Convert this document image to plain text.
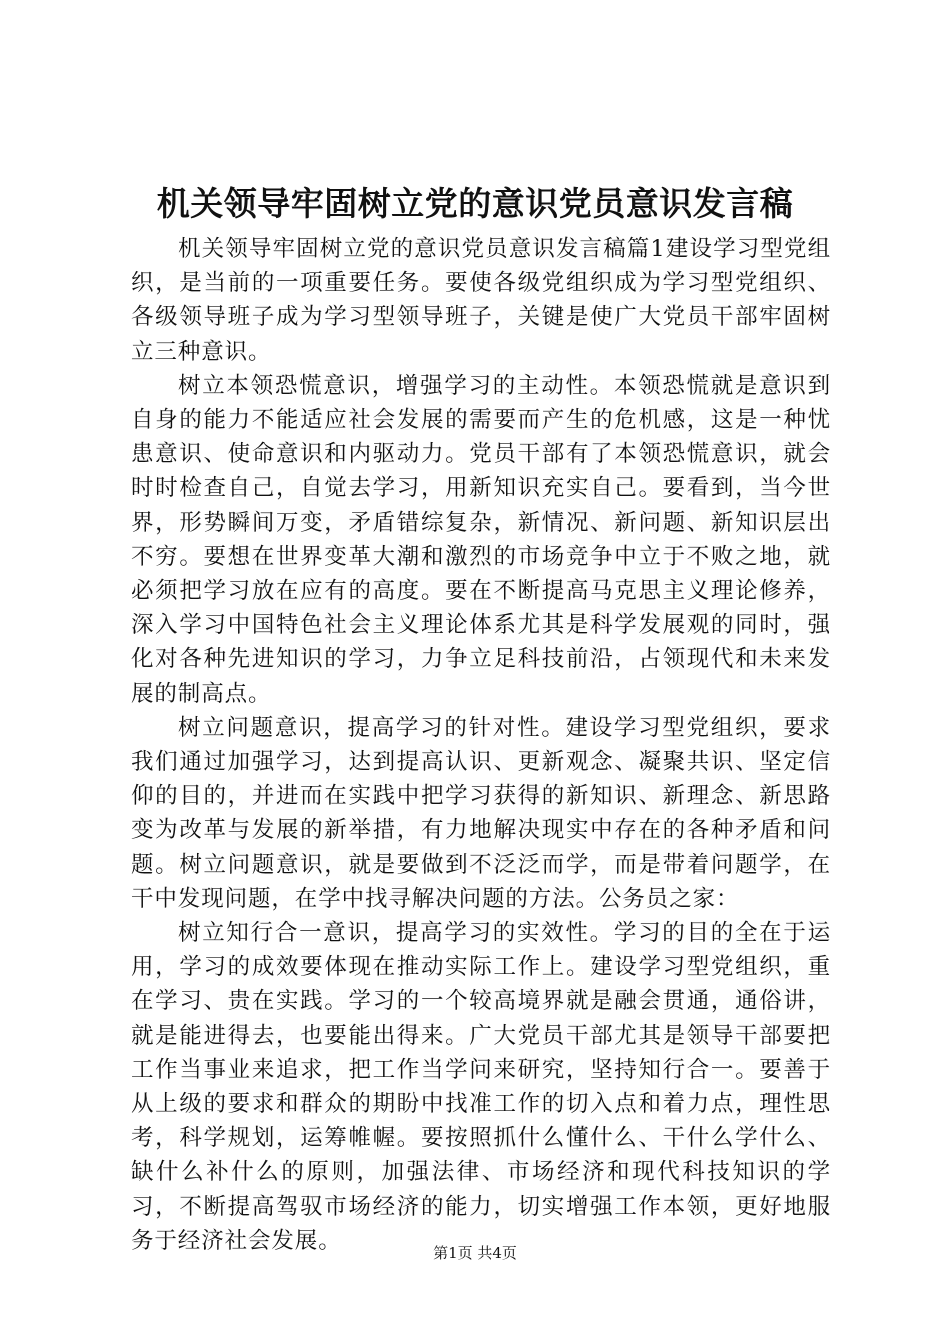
机关领导牢固树立党的意识党员意识发言稿

机关领导牢固树立党的意识党员意识发言稿篇1建设学习型党组织，是当前的一项重要任务。要使各级党组织成为学习型党组织、各级领导班子成为学习型领导班子，关键是使广大党员干部牢固树立三种意识。

树立本领恐慌意识，增强学习的主动性。本领恐慌就是意识到自身的能力不能适应社会发展的需要而产生的危机感，这是一种忧患意识、使命意识和内驱动力。党员干部有了本领恐慌意识，就会时时检查自己，自觉去学习，用新知识充实自己。要看到，当今世界，形势瞬间万变，矛盾错综复杂，新情况、新问题、新知识层出不穷。要想在世界变革大潮和激烈的市场竞争中立于不败之地，就必须把学习放在应有的高度。要在不断提高马克思主义理论修养，深入学习中国特色社会主义理论体系尤其是科学发展观的同时，强化对各种先进知识的学习，力争立足科技前沿，占领现代和未来发展的制高点。

树立问题意识，提高学习的针对性。建设学习型党组织，要求我们通过加强学习，达到提高认识、更新观念、凝聚共识、坚定信仰的目的，并进而在实践中把学习获得的新知识、新理念、新思路变为改革与发展的新举措，有力地解决现实中存在的各种矛盾和问题。树立问题意识，就是要做到不泛泛而学，而是带着问题学，在干中发现问题，在学中找寻解决问题的方法。公务员之家：

树立知行合一意识，提高学习的实效性。学习的目的全在于运用，学习的成效要体现在推动实际工作上。建设学习型党组织，重在学习、贵在实践。学习的一个较高境界就是融会贯通，通俗讲，就是能进得去，也要能出得来。广大党员干部尤其是领导干部要把工作当事业来追求，把工作当学问来研究，坚持知行合一。要善于从上级的要求和群众的期盼中找准工作的切入点和着力点，理性思考，科学规划，运筹帷幄。要按照抓什么懂什么、干什么学什么、缺什么补什么的原则，加强法律、市场经济和现代科技知识的学习，不断提高驾驭市场经济的能力，切实增强工作本领，更好地服务于经济社会发展。	第1页 共4页
